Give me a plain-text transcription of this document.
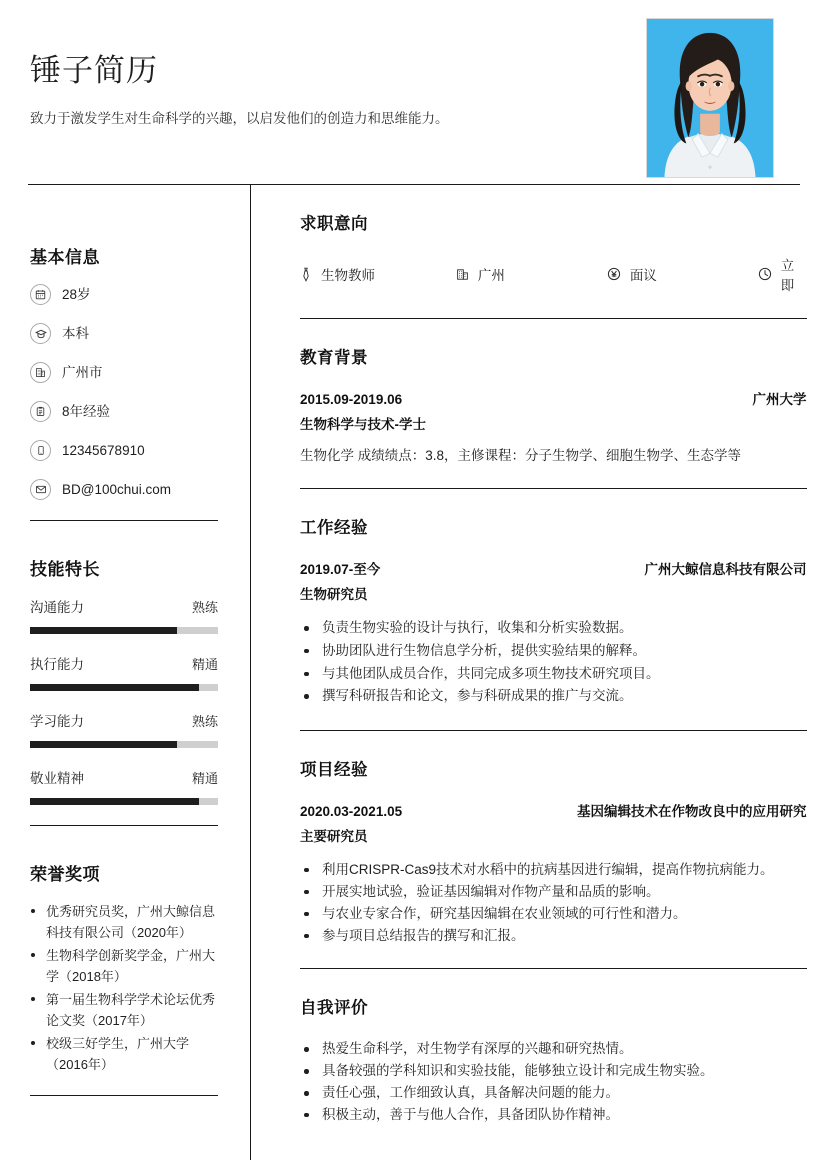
锤子简历

致力于激发学生对生命科学的兴趣，以启发他们的创造力和思维能力。

基本信息
28岁
本科
广州市
8年经验
12345678910
BD@100chui.com
技能特长
沟通能力	熟练
执行能力	精通
学习能力	熟练
敬业精神	精通
荣誉奖项
优秀研究员奖，广州大鲸信息科技有限公司（2020年）
生物科学创新奖学金，广州大学（2018年）
第一届生物科学学术论坛优秀论文奖（2017年）
校级三好学生，广州大学（2016年）
求职意向
生物教师	广州	面议
立即
教育背景
2015.09-2019.06	广州大学
生物科学与技术-学士
生物化学 成绩绩点：3.8，主修课程：分子生物学、细胞生物学、生态学等
工作经验
2019.07-至今	广州大鲸信息科技有限公司
生物研究员
负责生物实验的设计与执行，收集和分析实验数据。
协助团队进行生物信息学分析，提供实验结果的解释。
与其他团队成员合作，共同完成多项生物技术研究项目。
撰写科研报告和论文，参与科研成果的推广与交流。
项目经验
2020.03-2021.05	基因编辑技术在作物改良中的应用研究
主要研究员
利用CRISPR-Cas9技术对水稻中的抗病基因进行编辑，提高作物抗病能力。
开展实地试验，验证基因编辑对作物产量和品质的影响。
与农业专家合作，研究基因编辑在农业领域的可行性和潜力。
参与项目总结报告的撰写和汇报。
自我评价
热爱生命科学，对生物学有深厚的兴趣和研究热情。
具备较强的学科知识和实验技能，能够独立设计和完成生物实验。
责任心强，工作细致认真，具备解决问题的能力。
积极主动，善于与他人合作，具备团队协作精神。
